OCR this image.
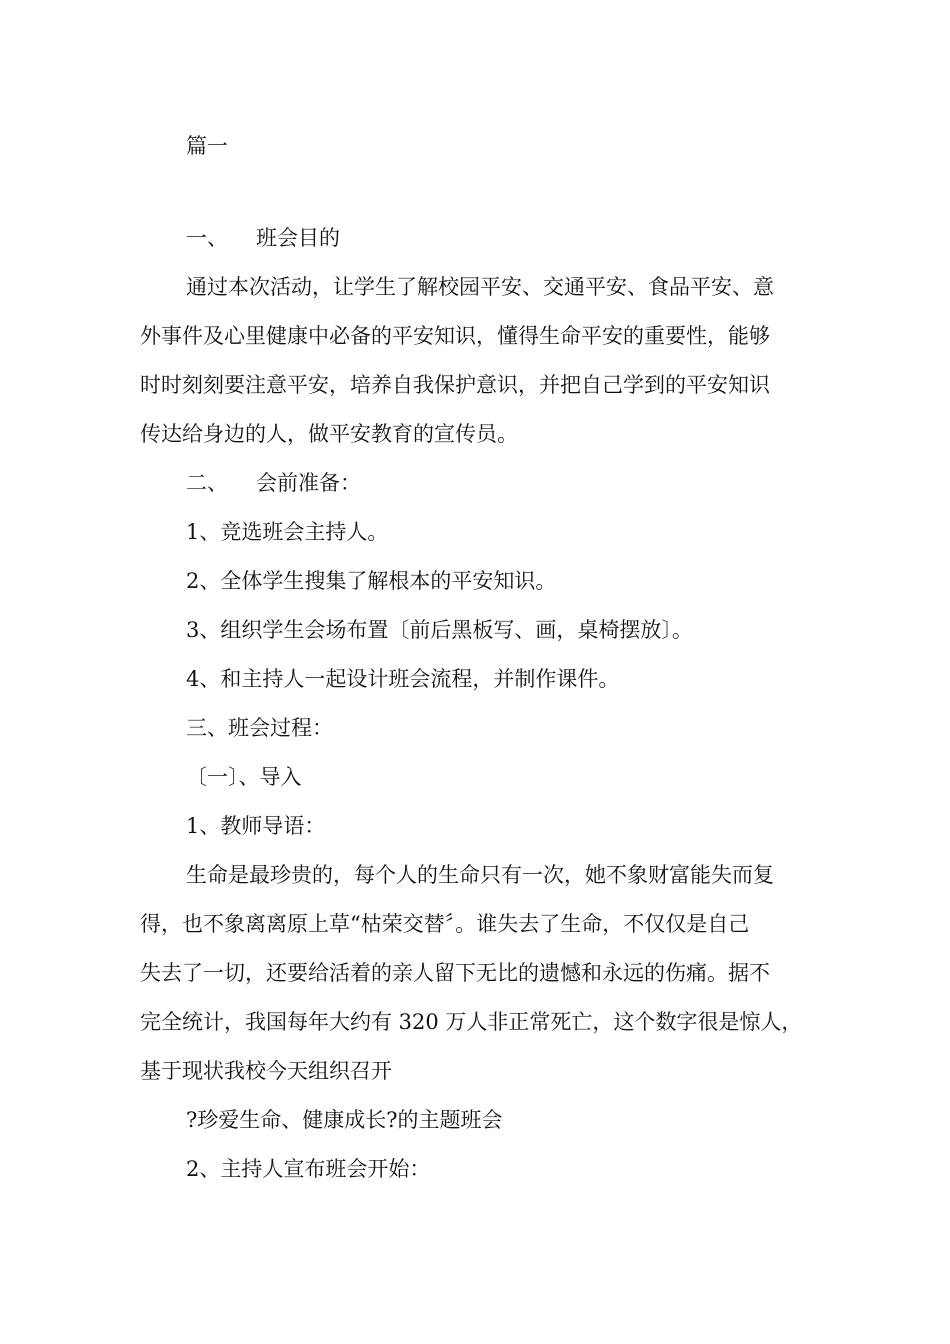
篇一

一、 班会目的

通过本次活动，让学生了解校园平安、交通平安、食品平安、意
外事件及心里健康中必备的平安知识，懂得生命平安的重要性，能够
时时刻刻要注意平安，培养自我保护意识，并把自己学到的平安知识
传达给身边的人，做平安教育的宣传员。

二、 会前准备：

1、竞选班会主持人。

2、全体学生搜集了解根本的平安知识。

3、组织学生会场布置〔前后黑板写、画，桌椅摆放〕。

4、和主持人一起设计班会流程，并制作课件。

三、班会过程：

〔一〕、导入

1、教师导语：

生命是最珍贵的，每个人的生命只有一次，她不象财富能失而复
得，也不象离离原上草“枯荣交替〞。谁失去了生命，不仅仅是自己
失去了一切，还要给活着的亲人留下无比的遗憾和永远的伤痛。据不
完全统计，我国每年大约有 320 万人非正常死亡，这个数字很是惊人，
基于现状我校今天组织召开

?珍爱生命、健康成长?的主题班会

2、主持人宣布班会开始：
